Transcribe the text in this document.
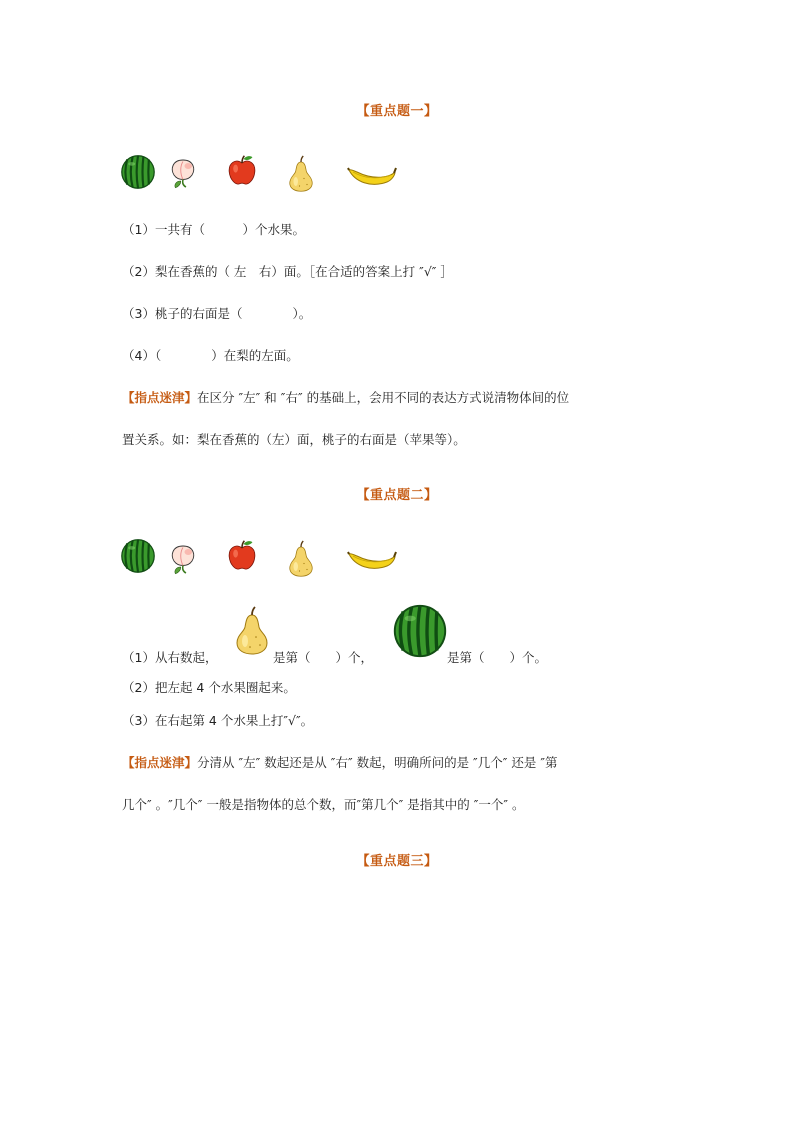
【重点题一】
（1）一共有（　　　）个水果。
（2）梨在香蕉的（ 左　右）面。［在合适的答案上打 ″√″ ］
（3）桃子的右面是（　　　　）。
（4）（　　　　）在梨的左面。
【指点迷津】在区分 ″左″ 和 ″右″ 的基础上，会用不同的表达方式说清物体间的位
置关系。如：梨在香蕉的（左）面，桃子的右面是（苹果等）。
【重点题二】
（1）从右数起，	是第（　　）个，	是第（　　）个。
（2）把左起 4 个水果圈起来。
（3）在右起第 4 个水果上打″√″。
【指点迷津】分清从 ″左″ 数起还是从 ″右″ 数起，明确所问的是 ″几个″ 还是 ″第
几个″ 。″几个″ 一般是指物体的总个数，而″第几个″ 是指其中的 ″一个″ 。
【重点题三】
